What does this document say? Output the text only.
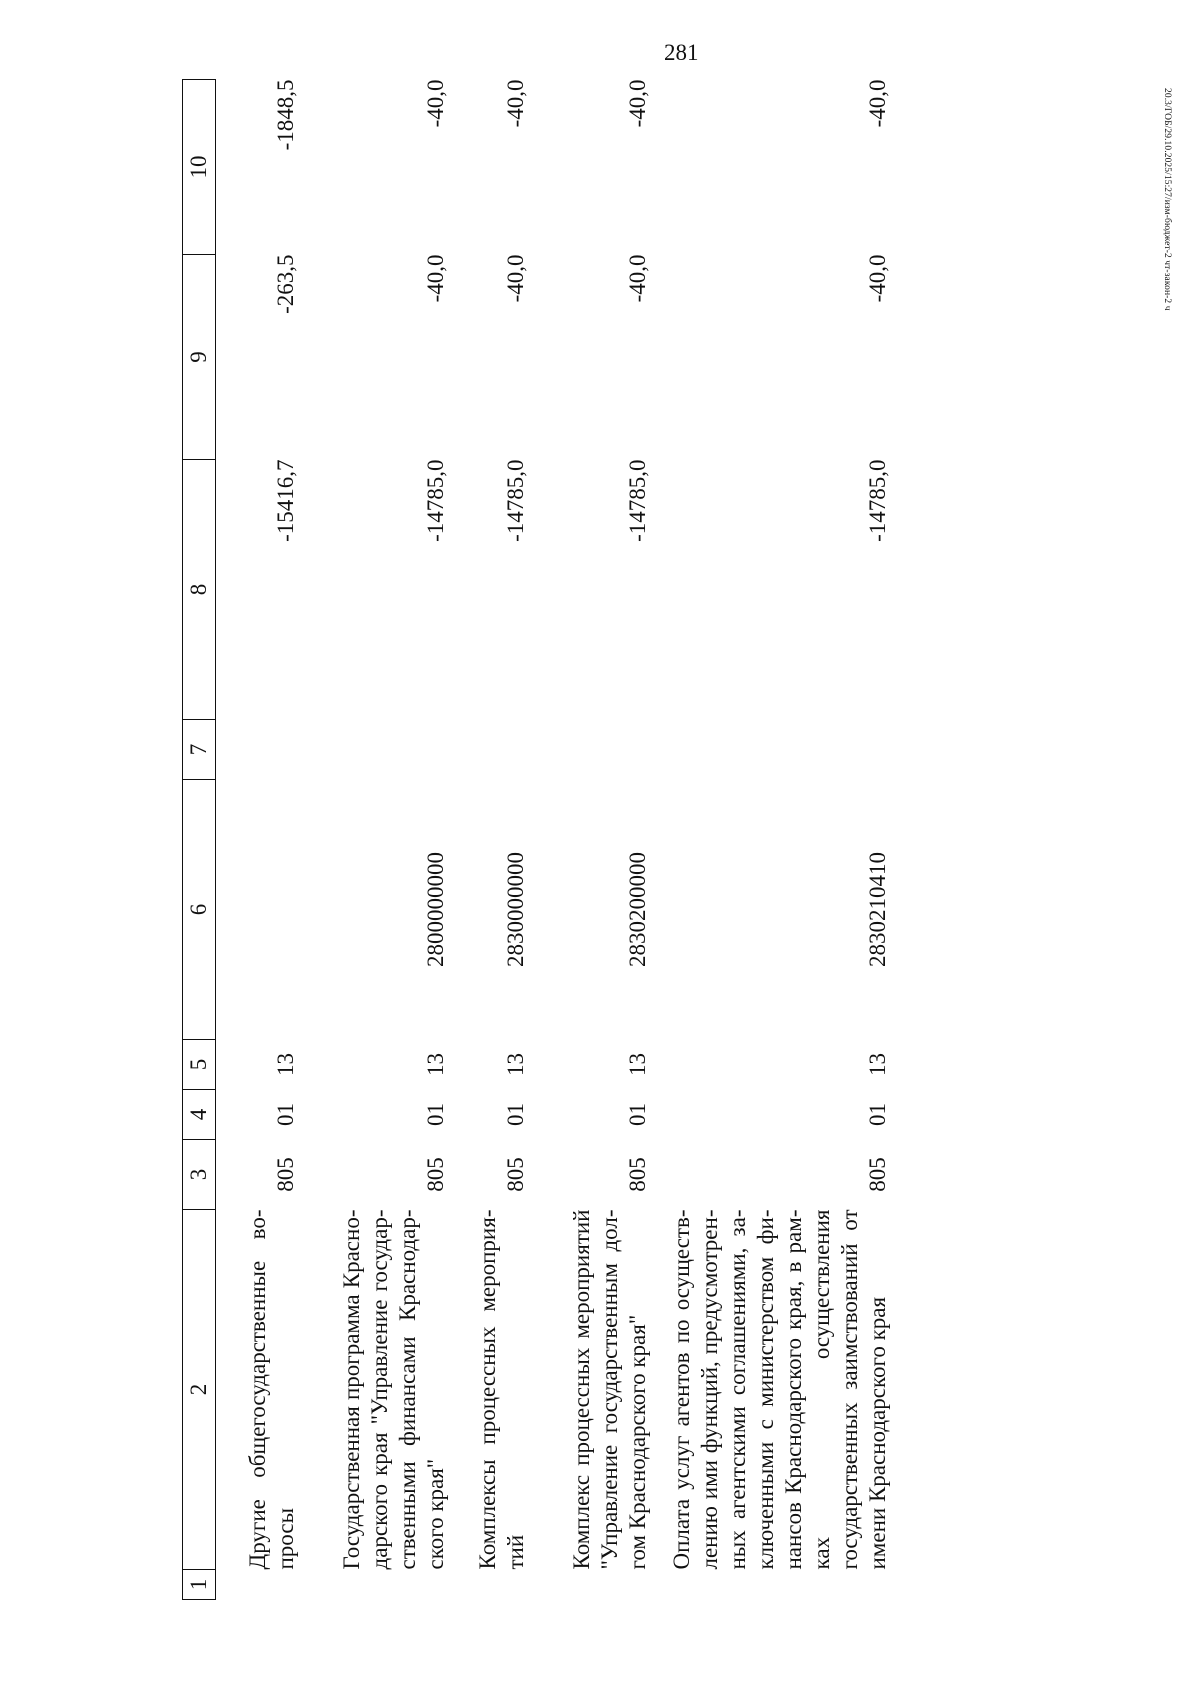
281
20.3/ГОБ/29.10.2025/15:27/изм-бюджет-2 чт-закон-2 ч
1	2	3	4	5	6	7	8	9	10
	Другие общегосударственные вопросы	805	01	13			-15416,7	-263,5	-1848,5
	Государственная программа Краснодарского края "Управление государственными финансами Краснодарского края"	805	01	13	2800000000		-14785,0	-40,0	-40,0
	Комплексы процессных мероприятий	805	01	13	2830000000		-14785,0	-40,0	-40,0
	Комплекс процессных мероприятий "Управление государственным долгом Краснодарского края"	805	01	13	2830200000		-14785,0	-40,0	-40,0
	Оплата услуг агентов по осуществлению ими функций, предусмотренных агентскими соглашениями, заключенными с министерством финансов Краснодарского края, в рамках осуществления государственных заимствований от имени Краснодарского края	805	01	13	2830210410		-14785,0	-40,0	-40,0
